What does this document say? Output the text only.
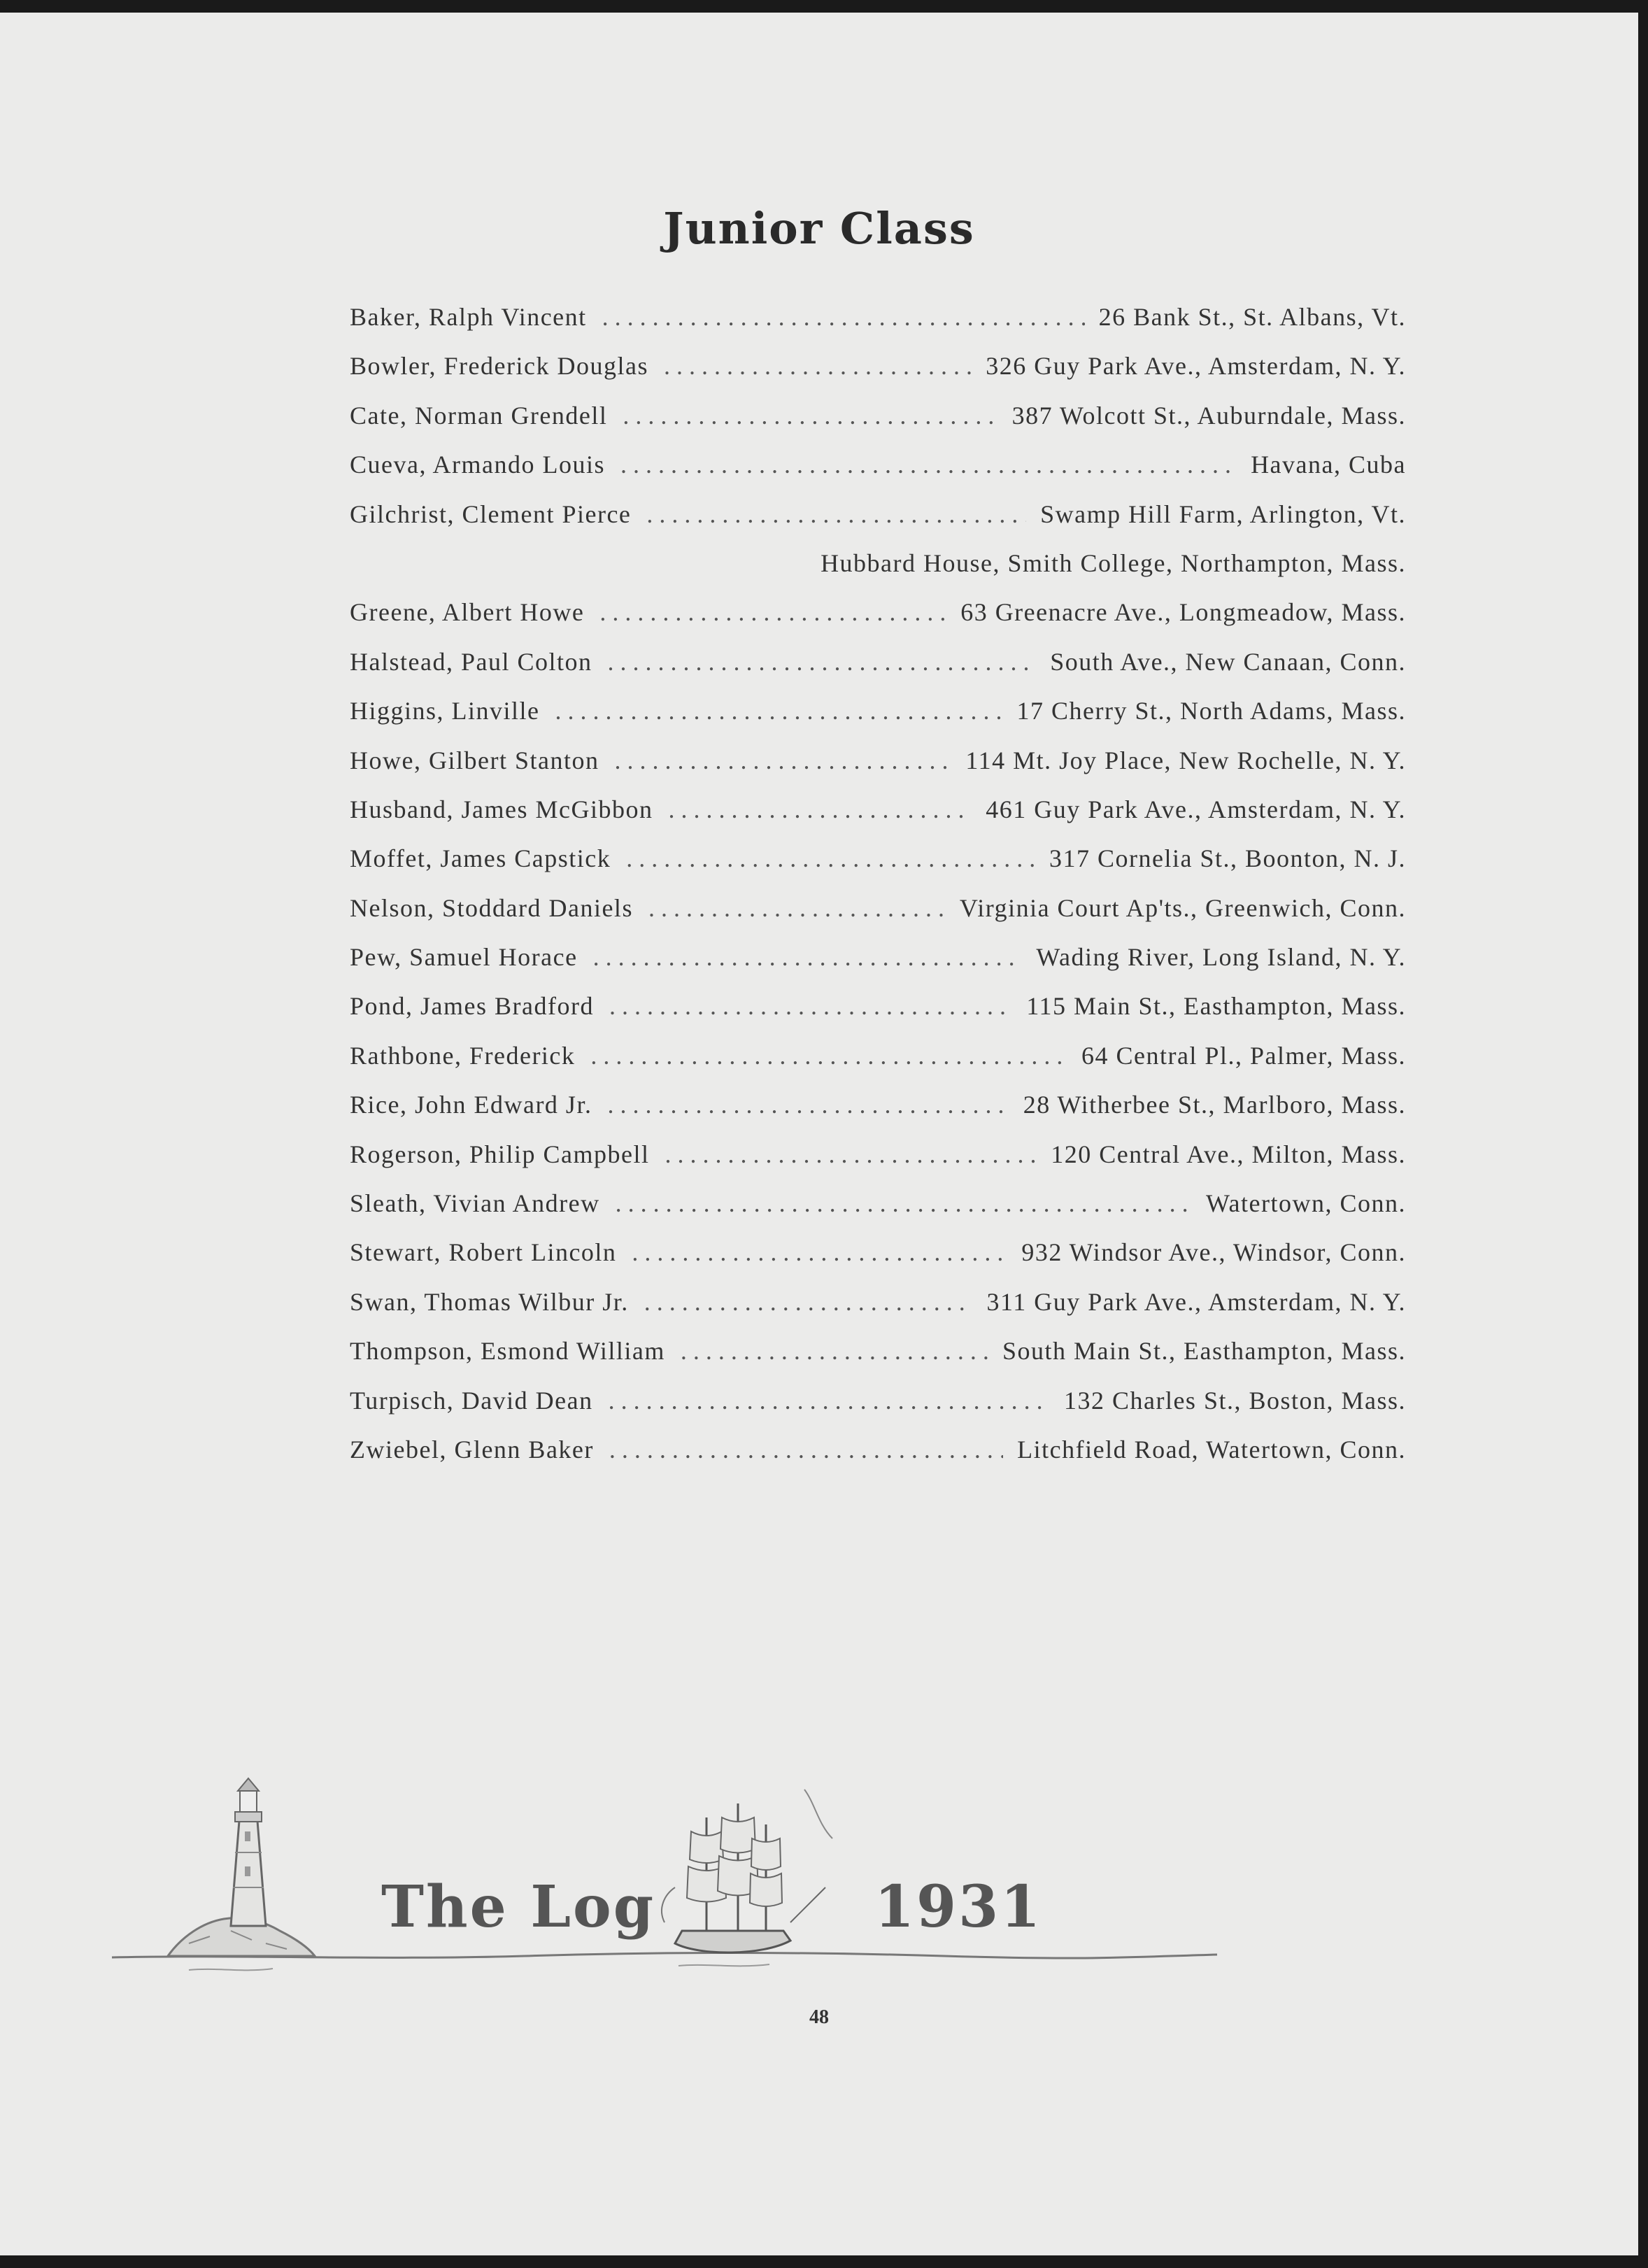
Junior Class
Baker, Ralph Vincent . . .	26 Bank St., St. Albans, Vt.
Bowler, Frederick Douglas . . .	326 Guy Park Ave., Amsterdam, N. Y.
Cate, Norman Grendell . . .	387 Wolcott St., Auburndale, Mass.
Cueva, Armando Louis . . .	Havana, Cuba
Gilchrist, Clement Pierce . . .	Swamp Hill Farm, Arlington, Vt.
Hubbard House, Smith College, Northampton, Mass.
Greene, Albert Howe . . .	63 Greenacre Ave., Longmeadow, Mass.
Halstead, Paul Colton . . .	South Ave., New Canaan, Conn.
Higgins, Linville . . .	17 Cherry St., North Adams, Mass.
Howe, Gilbert Stanton . . .	114 Mt. Joy Place, New Rochelle, N. Y.
Husband, James McGibbon . . .	461 Guy Park Ave., Amsterdam, N. Y.
Moffet, James Capstick . . .	317 Cornelia St., Boonton, N. J.
Nelson, Stoddard Daniels . . .	Virginia Court Ap'ts., Greenwich, Conn.
Pew, Samuel Horace . . .	Wading River, Long Island, N. Y.
Pond, James Bradford . . .	115 Main St., Easthampton, Mass.
Rathbone, Frederick . . .	64 Central Pl., Palmer, Mass.
Rice, John Edward Jr. . . .	28 Witherbee St., Marlboro, Mass.
Rogerson, Philip Campbell . . .	120 Central Ave., Milton, Mass.
Sleath, Vivian Andrew . . .	Watertown, Conn.
Stewart, Robert Lincoln . . .	932 Windsor Ave., Windsor, Conn.
Swan, Thomas Wilbur Jr. . . .	311 Guy Park Ave., Amsterdam, N. Y.
Thompson, Esmond William . . .	South Main St., Easthampton, Mass.
Turpisch, David Dean . . .	132 Charles St., Boston, Mass.
Zwiebel, Glenn Baker . . .	Litchfield Road, Watertown, Conn.
The Log	1931
48
